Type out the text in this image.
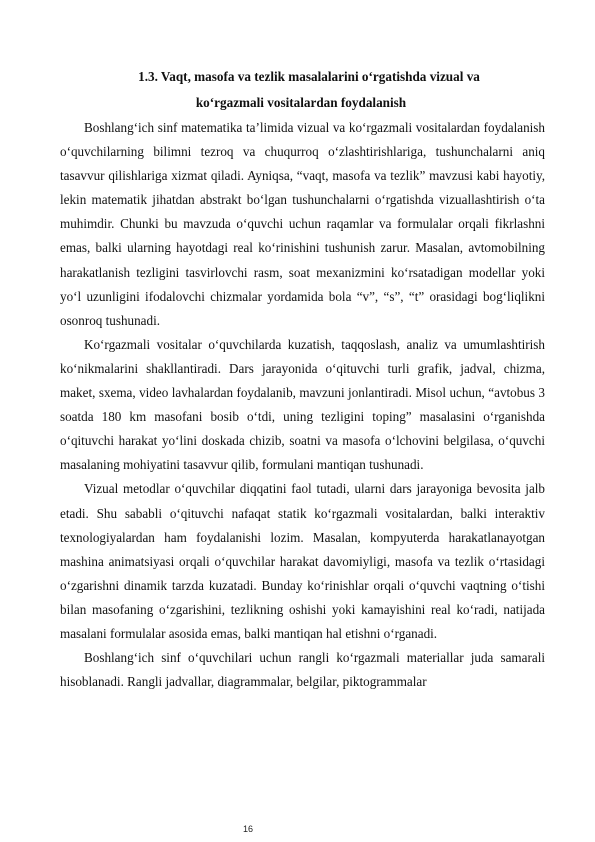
1.3. Vaqt, masofa va tezlik masalalarini o‘rgatishda vizual va
ko‘rgazmali vositalardan foydalanish

Boshlang‘ich sinf matematika ta’limida vizual va ko‘rgazmali vositalardan foydalanish o‘quvchilarning bilimni tezroq va chuqurroq o‘zlashtirishlariga, tushunchalarni aniq tasavvur qilishlariga xizmat qiladi. Ayniqsa, “vaqt, masofa va tezlik” mavzusi kabi hayotiy, lekin matematik jihatdan abstrakt bo‘lgan tushunchalarni o‘rgatishda vizuallashtirish o‘ta muhimdir. Chunki bu mavzuda o‘quvchi uchun raqamlar va formulalar orqali fikrlashni emas, balki ularning hayotdagi real ko‘rinishini tushunish zarur. Masalan, avtomobilning harakatlanish tezligini tasvirlovchi rasm, soat mexanizmini ko‘rsatadigan modellar yoki yo‘l uzunligini ifodalovchi chizmalar yordamida bola “v”, “s”, “t” orasidagi bog‘liqlikni osonroq tushunadi.

Ko‘rgazmali vositalar o‘quvchilarda kuzatish, taqqoslash, analiz va umumlashtirish ko‘nikmalarini shakllantiradi. Dars jarayonida o‘qituvchi turli grafik, jadval, chizma, maket, sxema, video lavhalardan foydalanib, mavzuni jonlantiradi. Misol uchun, “avtobus 3 soatda 180 km masofani bosib o‘tdi, uning tezligini toping” masalasini o‘rganishda o‘qituvchi harakat yo‘lini doskada chizib, soatni va masofa o‘lchovini belgilasa, o‘quvchi masalaning mohiyatini tasavvur qilib, formulani mantiqan tushunadi.

Vizual metodlar o‘quvchilar diqqatini faol tutadi, ularni dars jarayoniga bevosita jalb etadi. Shu sababli o‘qituvchi nafaqat statik ko‘rgazmali vositalardan, balki interaktiv texnologiyalardan ham foydalanishi lozim. Masalan, kompyuterda harakatlanayotgan mashina animatsiyasi orqali o‘quvchilar harakat davomiyligi, masofa va tezlik o‘rtasidagi o‘zgarishni dinamik tarzda kuzatadi. Bunday ko‘rinishlar orqali o‘quvchi vaqtning o‘tishi bilan masofaning o‘zgarishini, tezlikning oshishi yoki kamayishini real ko‘radi, natijada masalani formulalar asosida emas, balki mantiqan hal etishni o‘rganadi.

Boshlang‘ich sinf o‘quvchilari uchun rangli ko‘rgazmali materiallar juda samarali hisoblanadi. Rangli jadvallar, diagrammalar, belgilar, piktogrammalar

16
